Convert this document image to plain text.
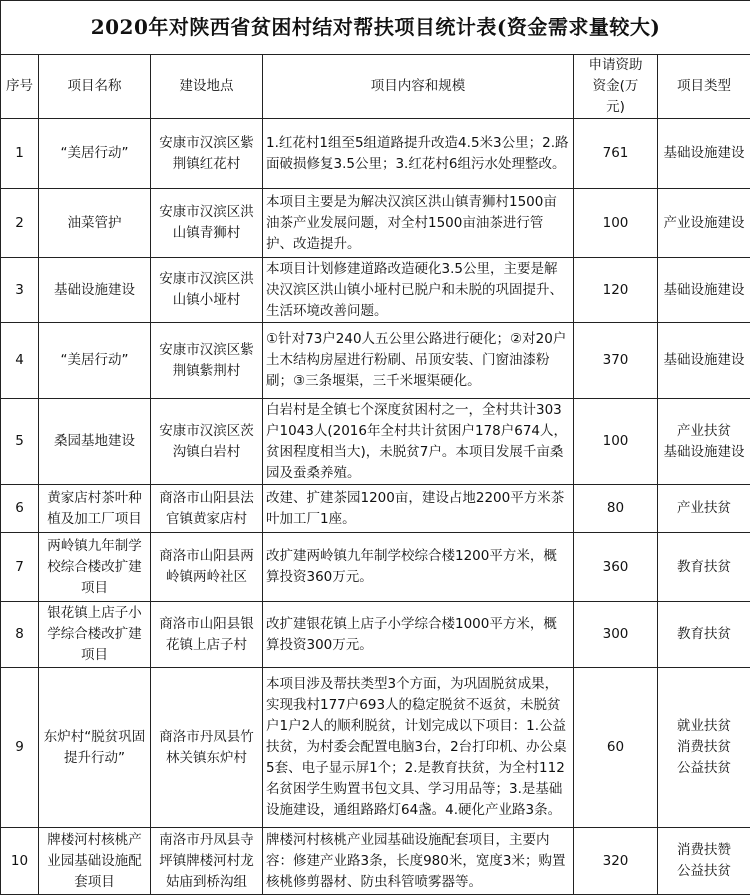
2020年对陕西省贫困村结对帮扶项目统计表(资金需求量较大)					
序号	项目名称	建设地点	项目内容和规模	申请资助资金(万元)	项目类型
1	“美居行动”	安康市汉滨区紫荆镇红花村	1.红花村1组至5组道路提升改造4.5米3公里；2.路面破损修复3.5公里；3.红花村6组污水处理整改。	761	基础设施建设

2	油菜管护	安康市汉滨区洪山镇青狮村	本项目主要是为解决汉滨区洪山镇青狮村1500亩油茶产业发展问题，对全村1500亩油茶进行管护、改造提升。	100	产业设施建设

3	基础设施建设	安康市汉滨区洪山镇小垭村	本项目计划修建道路改造硬化3.5公里，主要是解决汉滨区洪山镇小垭村已脱户和未脱的巩固提升、生活环境改善问题。	120	基础设施建设

4	“美居行动”	安康市汉滨区紫荆镇紫荆村	①针对73户240人五公里公路进行硬化；②对20户土木结构房屋进行粉刷、吊顶安装、门窗油漆粉刷；③三条堰渠，三千米堰渠硬化。	370	基础设施建设

5	桑园基地建设	安康市汉滨区茨沟镇白岩村	白岩村是全镇七个深度贫困村之一，全村共计303户1043人(2016年全村共计贫困户178户674人，贫困程度相当大)，未脱贫7户。本项目发展千亩桑园及蚕桑养殖。	100	产业扶贫
基础设施建设

6	黄家店村茶叶种植及加工厂项目	商洛市山阳县法官镇黄家店村	改建、扩建茶园1200亩，建设占地2200平方米茶叶加工厂1座。	80	产业扶贫

7	两岭镇九年制学校综合楼改扩建项目	商洛市山阳县两岭镇两岭社区	改扩建两岭镇九年制学校综合楼1200平方米，概算投资360万元。	360	教育扶贫

8	银花镇上店子小学综合楼改扩建项目	商洛市山阳县银花镇上店子村	改扩建银花镇上店子小学综合楼1000平方米，概算投资300万元。	300	教育扶贫

9	东炉村“脱贫巩固提升行动”	商洛市丹凤县竹林关镇东炉村	本项目涉及帮扶类型3个方面，为巩固脱贫成果，实现我村177户693人的稳定脱贫不返贫，未脱贫户1户2人的顺利脱贫，计划完成以下项目：1.公益扶贫，为村委会配置电脑3台，2台打印机、办公桌5套、电子显示屏1个；2.是教育扶贫，为全村112名贫困学生购置书包文具、学习用品等；3.是基础设施建设，通组路路灯64盏。4.硬化产业路3条。	60	就业扶贫
消费扶贫
公益扶贫

10	牌楼河村核桃产业园基础设施配套项目	南洛市丹凤县寺坪镇牌楼河村龙姑庙到桥沟组	牌楼河村核桃产业园基础设施配套项目，主要内容：修建产业路3条，长度980米，宽度3米；购置核桃修剪器材、防虫科管喷雾器等。	320	消费扶赞
公益扶贫
